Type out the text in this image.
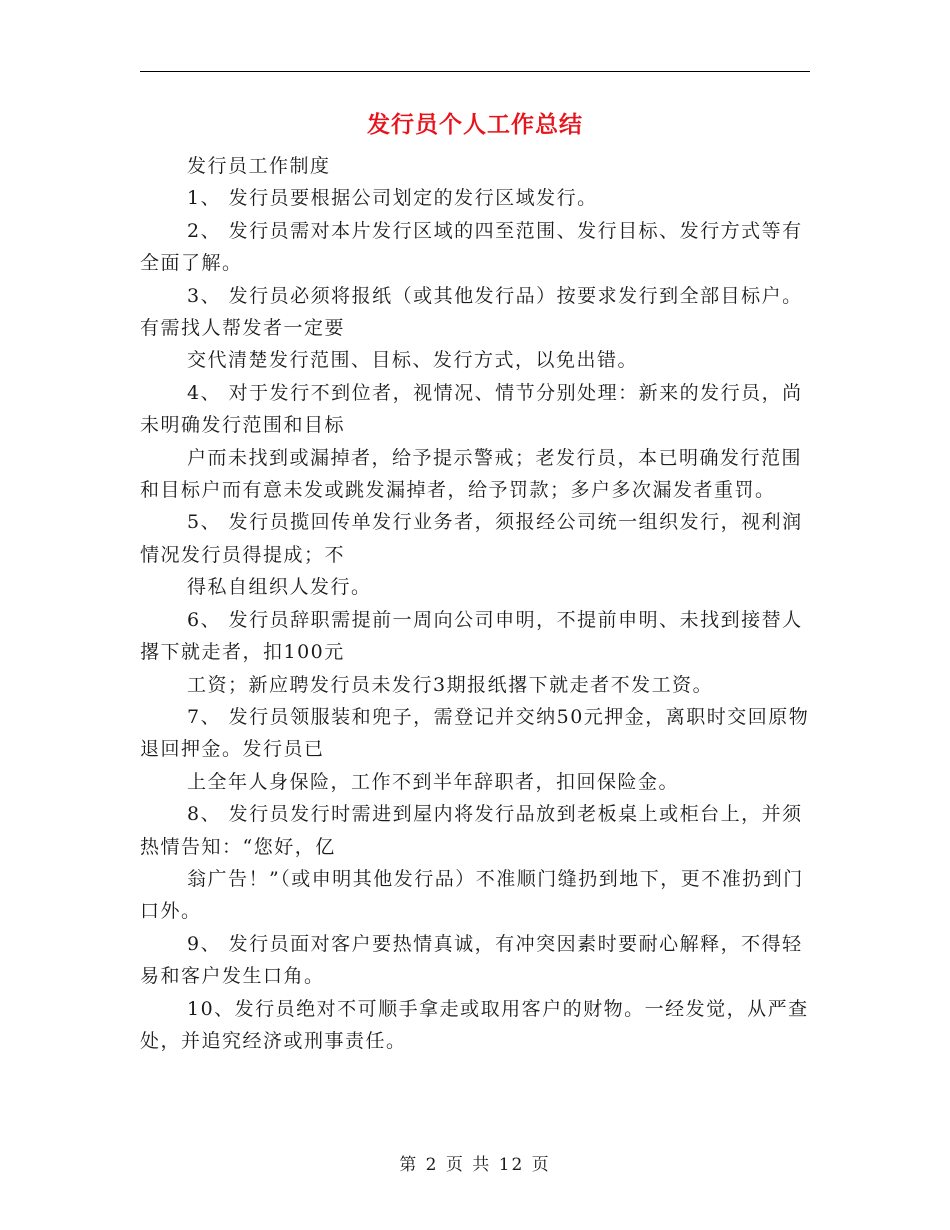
发行员个人工作总结

发行员工作制度

1、 发行员要根据公司划定的发行区域发行。

2、 发行员需对本片发行区域的四至范围、发行目标、发行方式等有全面了解。

3、 发行员必须将报纸（或其他发行品）按要求发行到全部目标户。有需找人帮发者一定要

交代清楚发行范围、目标、发行方式，以免出错。

4、 对于发行不到位者，视情况、情节分别处理：新来的发行员，尚未明确发行范围和目标

户而未找到或漏掉者，给予提示警戒；老发行员，本已明确发行范围和目标户而有意未发或跳发漏掉者，给予罚款；多户多次漏发者重罚。

5、 发行员揽回传单发行业务者，须报经公司统一组织发行，视利润情况发行员得提成；不

得私自组织人发行。

6、 发行员辞职需提前一周向公司申明，不提前申明、未找到接替人撂下就走者，扣100元

工资；新应聘发行员未发行3期报纸撂下就走者不发工资。

7、 发行员领服装和兜子，需登记并交纳50元押金，离职时交回原物退回押金。发行员已

上全年人身保险，工作不到半年辞职者，扣回保险金。

8、 发行员发行时需进到屋内将发行品放到老板桌上或柜台上，并须热情告知：“您好，亿

翁广告！”（或申明其他发行品）不准顺门缝扔到地下，更不准扔到门口外。

9、 发行员面对客户要热情真诚，有冲突因素时要耐心解释，不得轻易和客户发生口角。

10、发行员绝对不可顺手拿走或取用客户的财物。一经发觉，从严查处，并追究经济或刑事责任。

第 2 页 共 12 页
